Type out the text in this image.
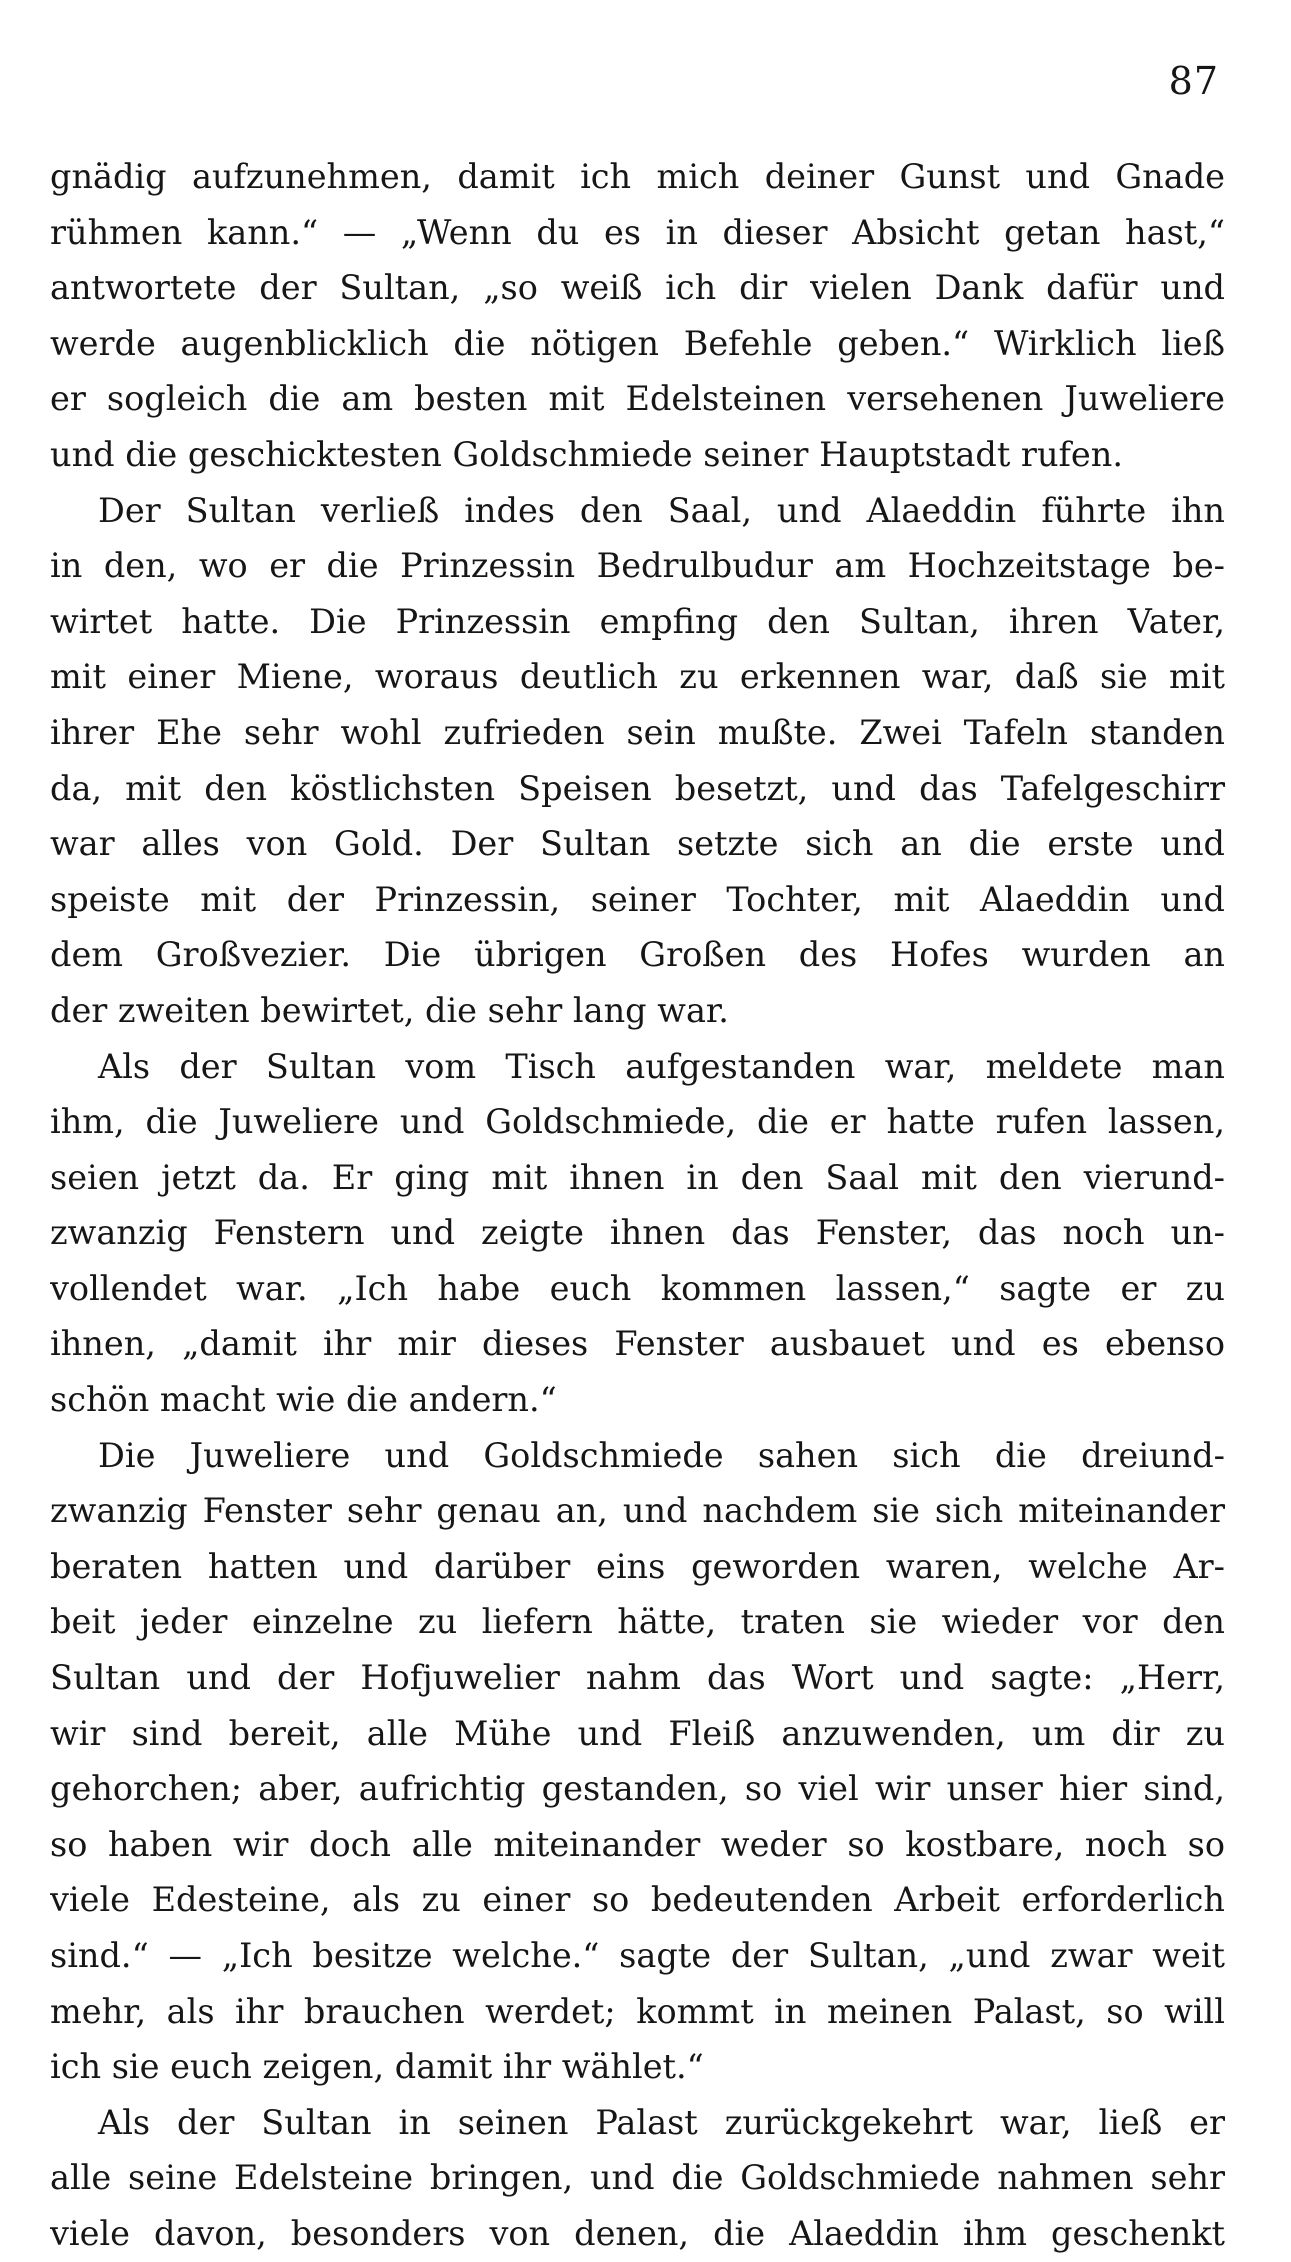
87
gnädig aufzunehmen, damit ich mich deiner Gunst und Gnade
rühmen kann.“ — „Wenn du es in dieser Absicht getan hast,“
antwortete der Sultan, „so weiß ich dir vielen Dank dafür und
werde augenblicklich die nötigen Befehle geben.“ Wirklich ließ
er sogleich die am besten mit Edelsteinen versehenen Juweliere
und die geschicktesten Goldschmiede seiner Hauptstadt rufen.
Der Sultan verließ indes den Saal, und Alaeddin führte ihn
in den, wo er die Prinzessin Bedrulbudur am Hochzeitstage be-
wirtet hatte. Die Prinzessin empfing den Sultan, ihren Vater,
mit einer Miene, woraus deutlich zu erkennen war, daß sie mit
ihrer Ehe sehr wohl zufrieden sein mußte. Zwei Tafeln standen
da, mit den köstlichsten Speisen besetzt, und das Tafelgeschirr
war alles von Gold. Der Sultan setzte sich an die erste und
speiste mit der Prinzessin, seiner Tochter, mit Alaeddin und
dem Großvezier. Die übrigen Großen des Hofes wurden an
der zweiten bewirtet, die sehr lang war.
Als der Sultan vom Tisch aufgestanden war, meldete man
ihm, die Juweliere und Goldschmiede, die er hatte rufen lassen,
seien jetzt da. Er ging mit ihnen in den Saal mit den vierund-
zwanzig Fenstern und zeigte ihnen das Fenster, das noch un-
vollendet war. „Ich habe euch kommen lassen,“ sagte er zu
ihnen, „damit ihr mir dieses Fenster ausbauet und es ebenso
schön macht wie die andern.“
Die Juweliere und Goldschmiede sahen sich die dreiund-
zwanzig Fenster sehr genau an, und nachdem sie sich miteinander
beraten hatten und darüber eins geworden waren, welche Ar-
beit jeder einzelne zu liefern hätte, traten sie wieder vor den
Sultan und der Hofjuwelier nahm das Wort und sagte: „Herr,
wir sind bereit, alle Mühe und Fleiß anzuwenden, um dir zu
gehorchen; aber, aufrichtig gestanden, so viel wir unser hier sind,
so haben wir doch alle miteinander weder so kostbare, noch so
viele Edesteine, als zu einer so bedeutenden Arbeit erforderlich
sind.“ — „Ich besitze welche.“ sagte der Sultan, „und zwar weit
mehr, als ihr brauchen werdet; kommt in meinen Palast, so will
ich sie euch zeigen, damit ihr wählet.“
Als der Sultan in seinen Palast zurückgekehrt war, ließ er
alle seine Edelsteine bringen, und die Goldschmiede nahmen sehr
viele davon, besonders von denen, die Alaeddin ihm geschenkt
